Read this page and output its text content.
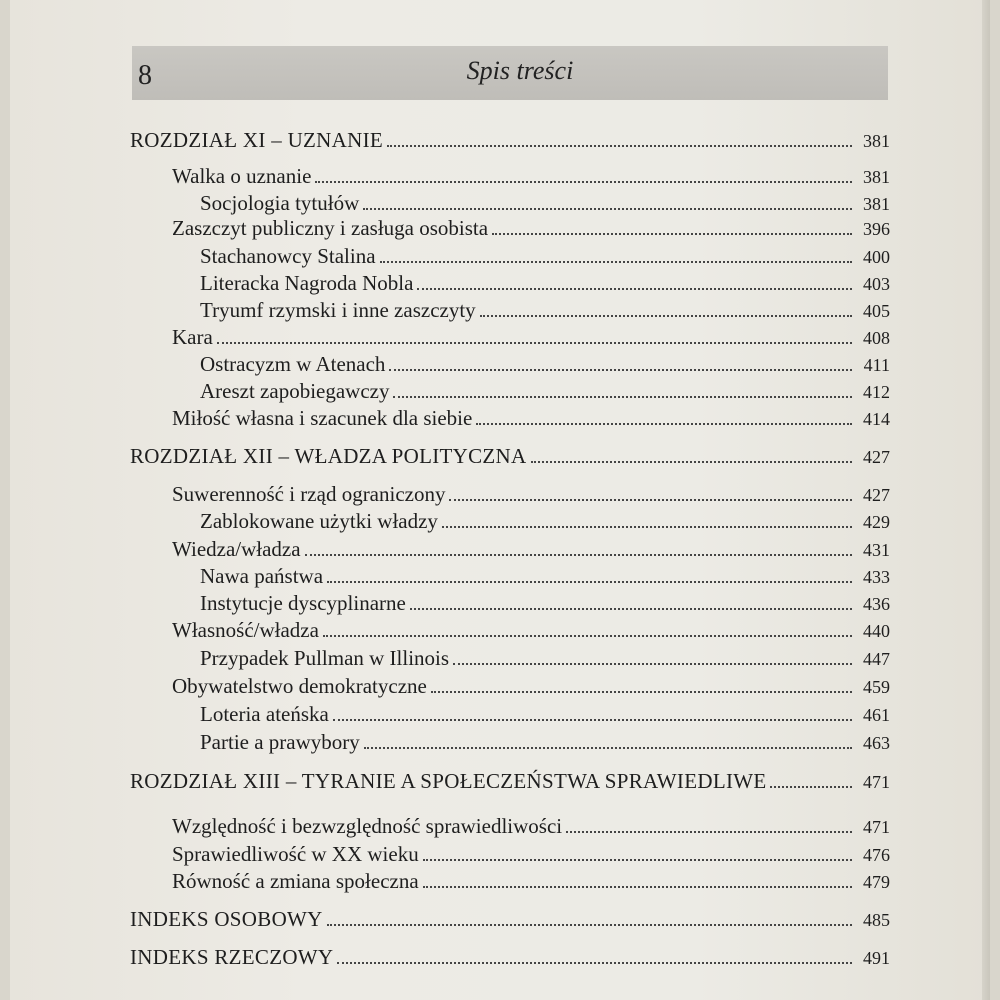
8	Spis treści
ROZDZIAŁ XI – UZNANIE	381
Walka o uznanie	381
Socjologia tytułów	381
Zaszczyt publiczny i zasługa osobista	396
Stachanowcy Stalina	400
Literacka Nagroda Nobla	403
Tryumf rzymski i inne zaszczyty	405
Kara	408
Ostracyzm w Atenach	411
Areszt zapobiegawczy	412
Miłość własna i szacunek dla siebie	414
ROZDZIAŁ XII – WŁADZA POLITYCZNA	427
Suwerenność i rząd ograniczony	427
Zablokowane użytki władzy	429
Wiedza/władza	431
Nawa państwa	433
Instytucje dyscyplinarne	436
Własność/władza	440
Przypadek Pullman w Illinois	447
Obywatelstwo demokratyczne	459
Loteria ateńska	461
Partie a prawybory	463
ROZDZIAŁ XIII – TYRANIE A SPOŁECZEŃSTWA SPRAWIEDLIWE	471
Względność i bezwzględność sprawiedliwości	471
Sprawiedliwość w XX wieku	476
Równość a zmiana społeczna	479
INDEKS OSOBOWY	485
INDEKS RZECZOWY	491
